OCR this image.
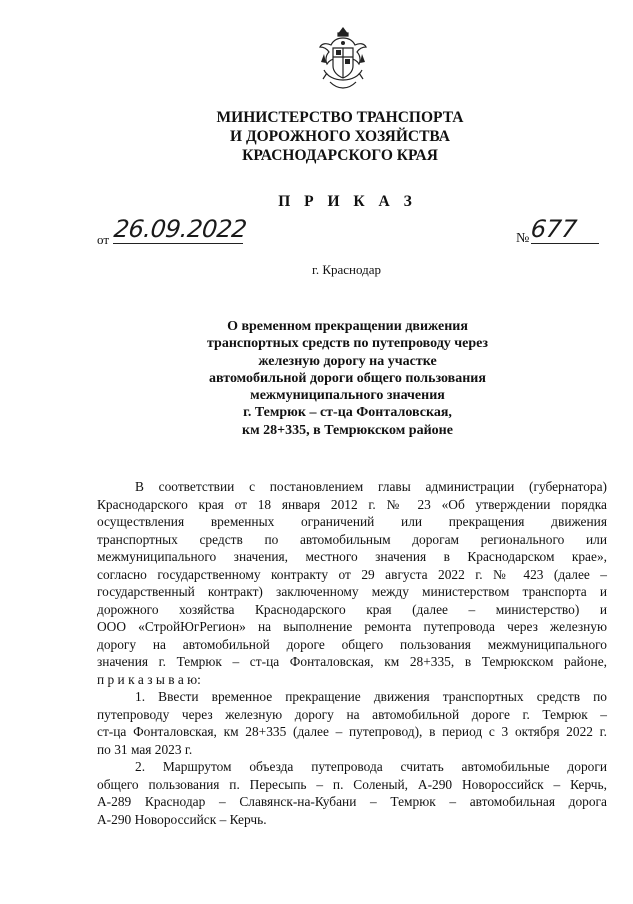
МИНИСТЕРСТВО ТРАНСПОРТА
И ДОРОЖНОГО ХОЗЯЙСТВА
КРАСНОДАРСКОГО КРАЯ
П Р И К А З
от 26.09.2022	№ 677
г. Краснодар
О временном прекращении движения
транспортных средств по путепроводу через
железную дорогу на участке
автомобильной дороги общего пользования
межмуниципального значения
г. Темрюк – ст-ца Фонталовская,
км 28+335, в Темрюкском районе
В соответствии с постановлением главы администрации (губернатора)
Краснодарского края от 18 января 2012 г. № 23 «Об утверждении порядка
осуществления временных ограничений или прекращения движения
транспортных средств по автомобильным дорогам регионального или
межмуниципального значения, местного значения в Краснодарском крае»,
согласно государственному контракту от 29 августа 2022 г. № 423 (далее –
государственный контракт) заключенному между министерством транспорта и
дорожного хозяйства Краснодарского края (далее – министерство) и
ООО «СтройЮгРегион» на выполнение ремонта путепровода через железную
дорогу на автомобильной дороге общего пользования межмуниципального
значения г. Темрюк – ст-ца Фонталовская, км 28+335, в Темрюкском районе,
п р и к а з ы в а ю:
1. Ввести временное прекращение движения транспортных средств по
путепроводу через железную дорогу на автомобильной дороге г. Темрюк –
ст-ца Фонталовская, км 28+335 (далее – путепровод), в период с 3 октября 2022 г.
по 31 мая 2023 г.
2. Маршрутом объезда путепровода считать автомобильные дороги
общего пользования п. Пересыпь – п. Соленый, А-290 Новороссийск – Керчь,
А-289 Краснодар – Славянск-на-Кубани – Темрюк – автомобильная дорога
А-290 Новороссийск – Керчь.
